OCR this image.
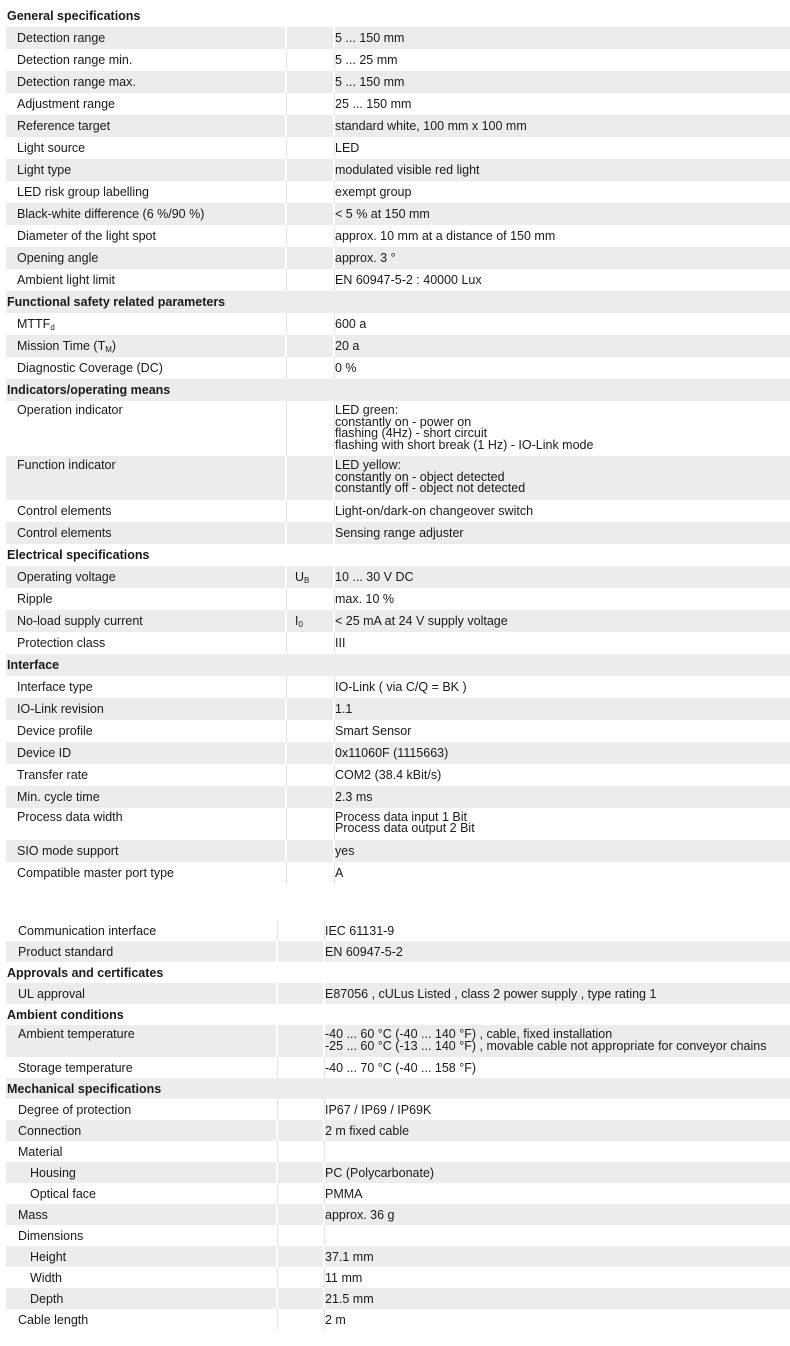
General specifications
Detection range	5 ... 150 mm
Detection range min.	5 ... 25 mm
Detection range max.	5 ... 150 mm
Adjustment range	25 ... 150 mm
Reference target	standard white, 100 mm x 100 mm
Light source	LED
Light type	modulated visible red light
LED risk group labelling	exempt group
Black-white difference (6 %/90 %)	< 5 % at 150 mm
Diameter of the light spot	approx. 10 mm at a distance of 150 mm
Opening angle	approx. 3 °
Ambient light limit	EN 60947-5-2 : 40000 Lux
Functional safety related parameters
$MTTF_d$	600 a
Mission Time $(T_M)$	20 a
Diagnostic Coverage (DC)	0 %
Indicators/operating means
Operation indicator	LED green:
constantly on - power on
flashing (4Hz) - short circuit
flashing with short break (1 Hz) - IO-Link mode
Function indicator	LED yellow:
constantly on - object detected
constantly off - object not detected
Control elements	Light-on/dark-on changeover switch
Control elements	Sensing range adjuster
Electrical specifications
Operating voltage	$U_B$	10 ... 30 V DC
Ripple	max. 10 %
No-load supply current	$I_0$	< 25 mA at 24 V supply voltage
Protection class	III
Interface
Interface type	IO-Link ( via C/Q = BK )
IO-Link revision	1.1
Device profile	Smart Sensor
Device ID	0x11060F (1115663)
Transfer rate	COM2 (38.4 kBit/s)
Min. cycle time	2.3 ms
Process data width	Process data input 1 Bit
Process data output 2 Bit
SIO mode support	yes
Compatible master port type	A
Communication interface	IEC 61131-9
Product standard	EN 60947-5-2
Approvals and certificates
UL approval	E87056 , cULus Listed , class 2 power supply , type rating 1
Ambient conditions
Ambient temperature	-40 ... 60 °C (-40 ... 140 °F) , cable, fixed installation
-25 ... 60 °C (-13 ... 140 °F) , movable cable not appropriate for conveyor chains
Storage temperature	-40 ... 70 °C (-40 ... 158 °F)
Mechanical specifications
Degree of protection	IP67 / IP69 / IP69K
Connection	2 m fixed cable
Material
Housing	PC (Polycarbonate)
Optical face	PMMA
Mass	approx. 36 g
Dimensions
Height	37.1 mm
Width	11 mm
Depth	21.5 mm
Cable length	2 m
